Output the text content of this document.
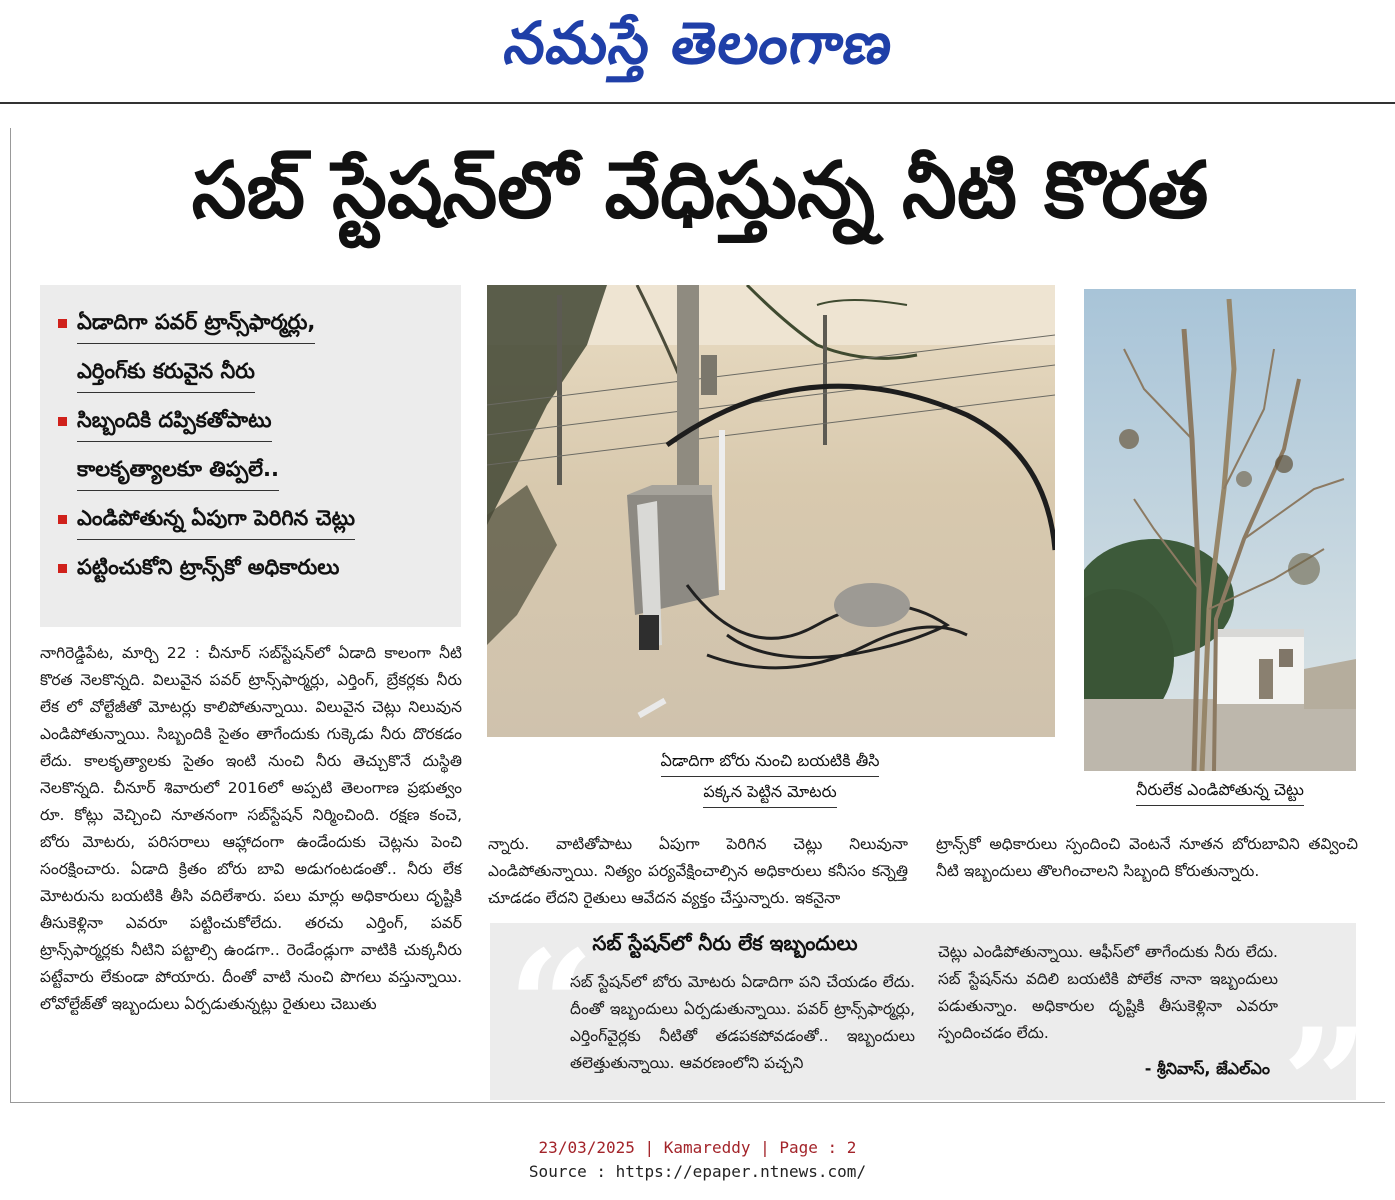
నమస్తే తెలంగాణ
సబ్ స్టేషన్‌లో వేధిస్తున్న నీటి కొరత
ఏడాదిగా పవర్ ట్రాన్స్‌ఫార్మర్లు,
ఎర్తింగ్‌కు కరువైన నీరు
సిబ్బందికి దప్పికతోపాటు
కాలకృత్యాలకూ తిప్పలే..
ఎండిపోతున్న ఏపుగా పెరిగిన చెట్లు
పట్టించుకోని ట్రాన్స్‌కో అధికారులు
ఏడాదిగా బోరు నుంచి బయటికి తీసి
పక్కన పెట్టిన మోటరు	నీరులేక ఎండిపోతున్న చెట్టు
నాగిరెడ్డిపేట, మార్చి 22 : చీనూర్ సబ్‌స్టేషన్‌లో ఏడాది కాలంగా నీటి కొరత నెలకొన్నది. విలువైన పవర్ ట్రాన్స్‌ఫార్మర్లు, ఎర్తింగ్, బ్రేకర్లకు నీరు లేక లో వోల్టేజీతో మోటర్లు కాలిపోతున్నాయి. విలువైన చెట్లు నిలువున ఎండిపోతున్నాయి. సిబ్బందికి సైతం తాగేందుకు గుక్కెడు నీరు దొరకడం లేదు. కాలకృత్యాలకు సైతం ఇంటి నుంచి నీరు తెచ్చుకొనే దుస్థితి నెలకొన్నది. చీనూర్ శివారులో 2016లో అప్పటి తెలంగాణ ప్రభుత్వం రూ. కోట్లు వెచ్చించి నూతనంగా సబ్‌స్టేషన్ నిర్మించింది. రక్షణ కంచె, బోరు మోటరు, పరిసరాలు ఆహ్లాదంగా ఉండేందుకు చెట్లను పెంచి సంరక్షించారు. ఏడాది క్రితం బోరు బావి అడుగంటడంతో.. నీరు లేక మోటరును బయటికి తీసి వదిలేశారు. పలు మార్లు అధికారులు దృష్టికి తీసుకెళ్లినా ఎవరూ పట్టించుకోలేదు. తరచు ఎర్తింగ్, పవర్ ట్రాన్స్‌ఫార్మర్లకు నీటిని పట్టాల్సి ఉండగా.. రెండేండ్లుగా వాటికి చుక్కనీరు పట్టేవారు లేకుండా పోయారు. దీంతో వాటి నుంచి పొగలు వస్తున్నాయి. లోవోల్టేజ్‌తో ఇబ్బందులు ఏర్పడుతున్నట్లు రైతులు చెబుతు
న్నారు. వాటితోపాటు ఏపుగా పెరిగిన చెట్లు నిలువునా ఎండిపోతున్నాయి. నిత్యం పర్యవేక్షించాల్సిన అధికారులు కనీసం కన్నెత్తి చూడడం లేదని రైతులు ఆవేదన వ్యక్తం చేస్తున్నారు. ఇకనైనా
ట్రాన్స్‌కో అధికారులు స్పందించి వెంటనే నూతన బోరుబావిని తవ్వించి నీటి ఇబ్బందులు తొలగించాలని సిబ్బంది కోరుతున్నారు.
“	”
సబ్ స్టేషన్‌లో నీరు లేక ఇబ్బందులు
సబ్ స్టేషన్‌లో బోరు మోటరు ఏడాదిగా పని చేయడం లేదు. దీంతో ఇబ్బందులు ఏర్పడుతున్నాయి. పవర్ ట్రాన్స్‌ఫార్మర్లు, ఎర్తింగ్‌వైర్లకు నీటితో తడపకపోవడంతో.. ఇబ్బందులు తలెత్తుతున్నాయి. ఆవరణంలోని పచ్చని
చెట్లు ఎండిపోతున్నాయి. ఆఫీస్‌లో తాగేందుకు నీరు లేదు. సబ్ స్టేషన్‌ను వదిలి బయటికి పోలేక నానా ఇబ్బందులు పడుతున్నాం. అధికారుల దృష్టికి తీసుకెళ్లినా ఎవరూ స్పందించడం లేదు.
- శ్రీనివాస్, జేఎల్ఎం
23/03/2025 | Kamareddy | Page : 2
Source : https://epaper.ntnews.com/
